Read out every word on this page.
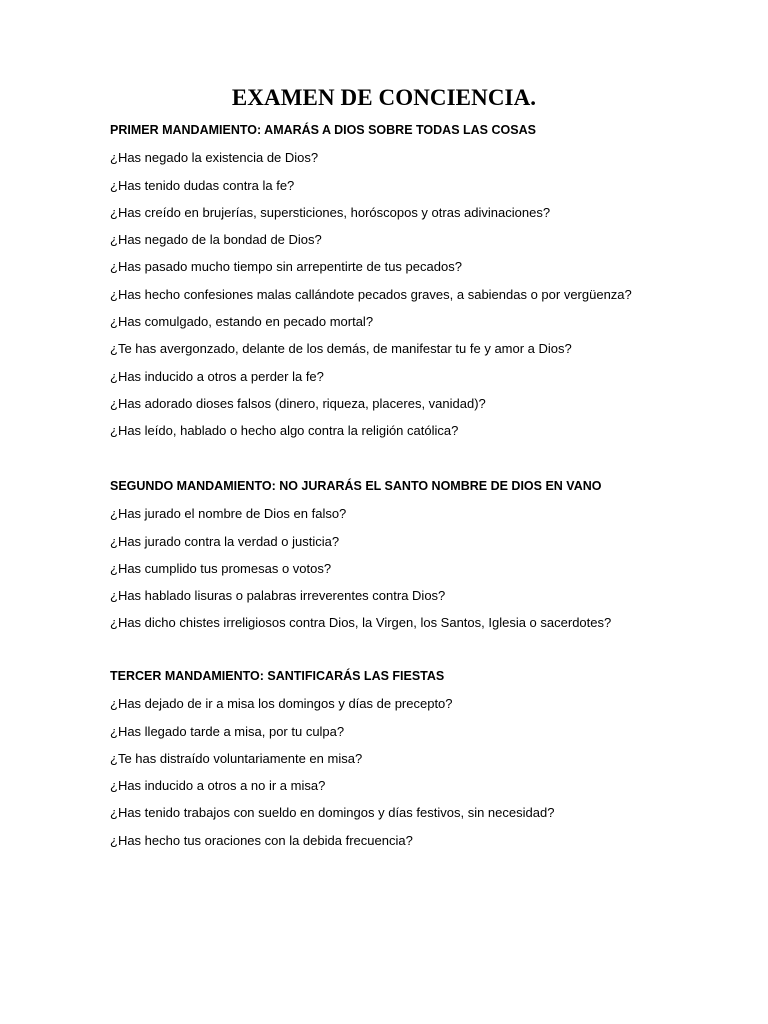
EXAMEN DE CONCIENCIA.
PRIMER MANDAMIENTO: AMARÁS A DIOS SOBRE TODAS LAS COSAS
¿Has negado la existencia de Dios?
¿Has tenido dudas contra la fe?
¿Has creído en brujerías, supersticiones, horóscopos y otras adivinaciones?
¿Has negado de la bondad de Dios?
¿Has pasado mucho tiempo sin arrepentirte de tus pecados?
¿Has hecho confesiones malas callándote pecados graves, a sabiendas o por vergüenza?
¿Has comulgado, estando en pecado mortal?
¿Te has avergonzado, delante de los demás, de manifestar tu fe y amor a Dios?
¿Has inducido a otros a perder la fe?
¿Has adorado dioses falsos (dinero, riqueza, placeres, vanidad)?
¿Has leído, hablado o hecho algo contra la religión católica?
SEGUNDO MANDAMIENTO: NO JURARÁS EL SANTO NOMBRE DE DIOS EN VANO
¿Has jurado el nombre de Dios en falso?
¿Has jurado contra la verdad o justicia?
¿Has cumplido tus promesas o votos?
¿Has hablado lisuras o palabras irreverentes contra Dios?
¿Has dicho chistes irreligiosos contra Dios, la Virgen, los Santos, Iglesia o sacerdotes?
TERCER MANDAMIENTO: SANTIFICARÁS LAS FIESTAS
¿Has dejado de ir a misa los domingos y días de precepto?
¿Has llegado tarde a misa, por tu culpa?
¿Te has distraído voluntariamente en misa?
¿Has inducido a otros a no ir a misa?
¿Has tenido trabajos con sueldo en domingos y días festivos, sin necesidad?
¿Has hecho tus oraciones con la debida frecuencia?
